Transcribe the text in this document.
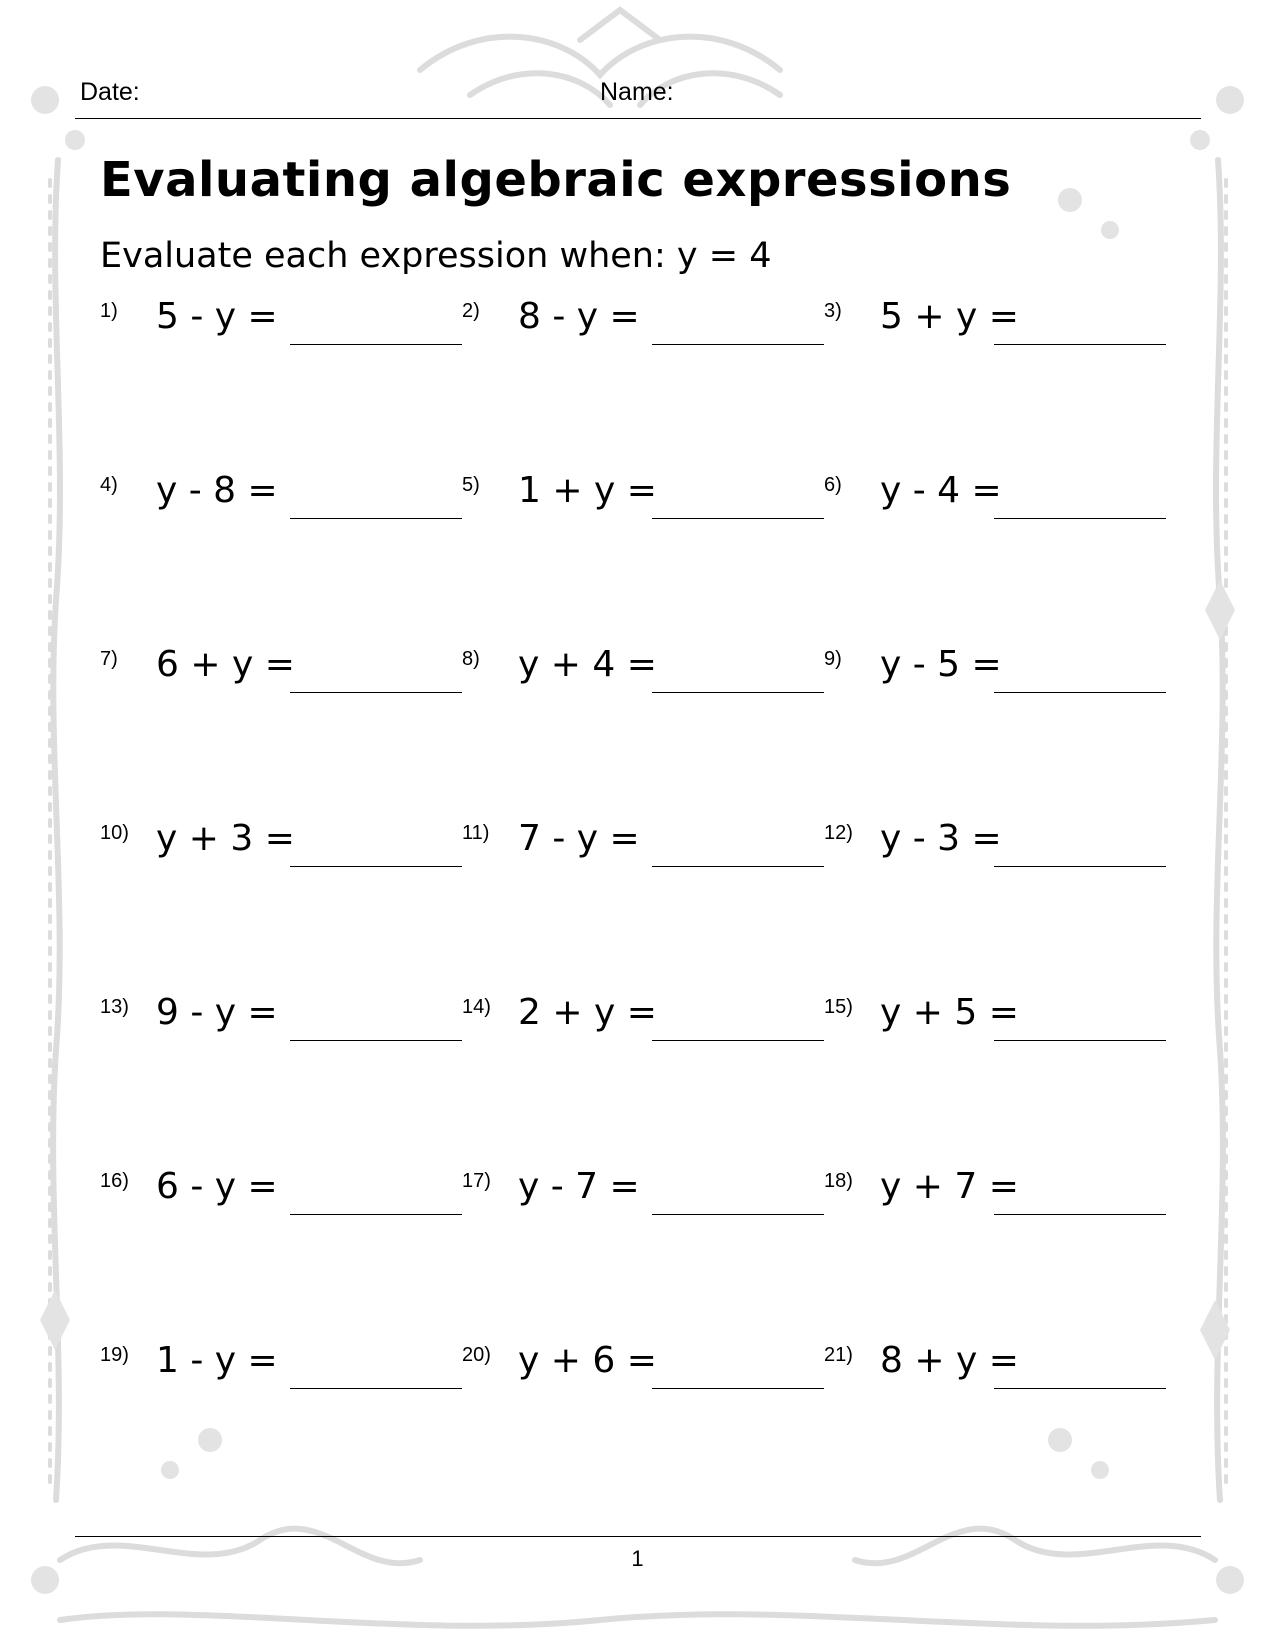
Date:	Name:
Evaluating algebraic expressions
Evaluate each expression when: y = 4
1) 5 - y =	2) 8 - y =	3) 5 + y =
4) y - 8 =	5) 1 + y =	6) y - 4 =
7) 6 + y =	8) y + 4 =	9) y - 5 =
10) y + 3 =	11) 7 - y =	12) y - 3 =
13) 9 - y =	14) 2 + y =	15) y + 5 =
16) 6 - y =	17) y - 7 =	18) y + 7 =
19) 1 - y =	20) y + 6 =	21) 8 + y =
1
